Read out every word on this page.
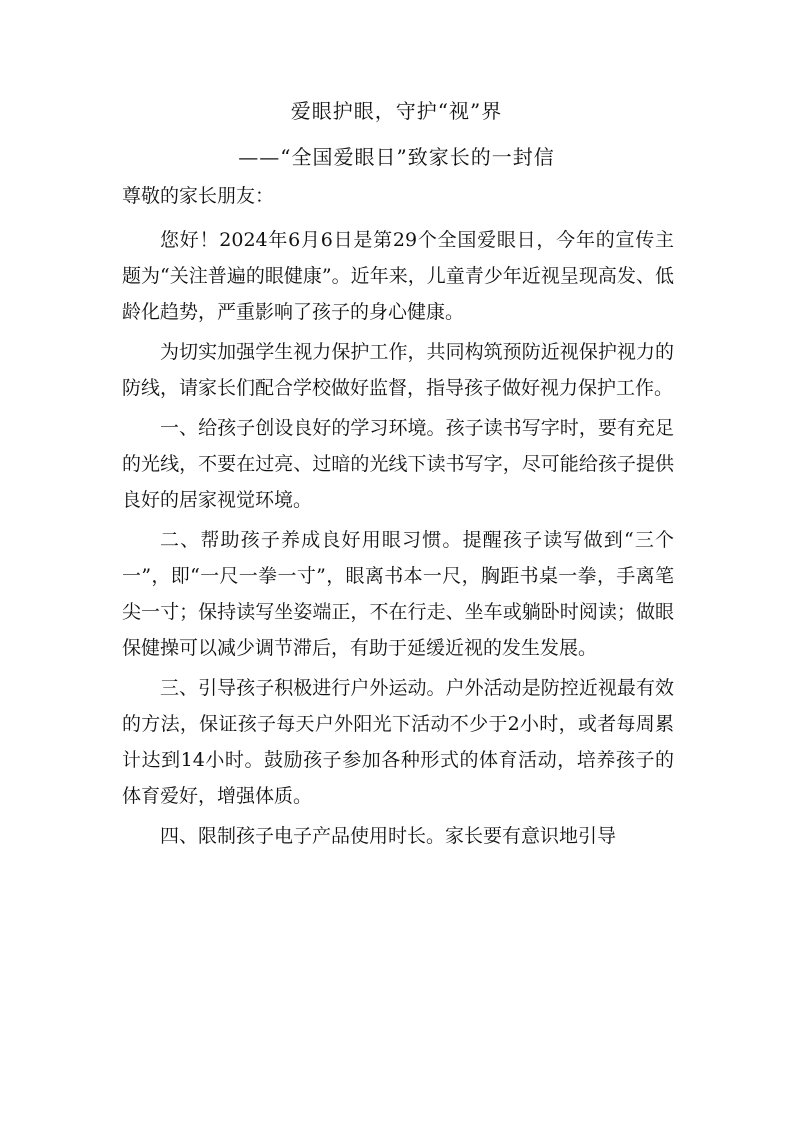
爱眼护眼，守护“视”界
——“全国爱眼日”致家长的一封信

尊敬的家长朋友：

您好！2024年6月6日是第29个全国爱眼日，今年的宣传主题为“关注普遍的眼健康”。近年来，儿童青少年近视呈现高发、低龄化趋势，严重影响了孩子的身心健康。

为切实加强学生视力保护工作，共同构筑预防近视保护视力的防线，请家长们配合学校做好监督，指导孩子做好视力保护工作。

一、给孩子创设良好的学习环境。孩子读书写字时，要有充足的光线，不要在过亮、过暗的光线下读书写字，尽可能给孩子提供良好的居家视觉环境。

二、帮助孩子养成良好用眼习惯。提醒孩子读写做到“三个一”，即“一尺一拳一寸”，眼离书本一尺，胸距书桌一拳，手离笔尖一寸；保持读写坐姿端正，不在行走、坐车或躺卧时阅读；做眼保健操可以减少调节滞后，有助于延缓近视的发生发展。

三、引导孩子积极进行户外运动。户外活动是防控近视最有效的方法，保证孩子每天户外阳光下活动不少于2小时，或者每周累计达到14小时。鼓励孩子参加各种形式的体育活动，培养孩子的体育爱好，增强体质。

四、限制孩子电子产品使用时长。家长要有意识地引导
